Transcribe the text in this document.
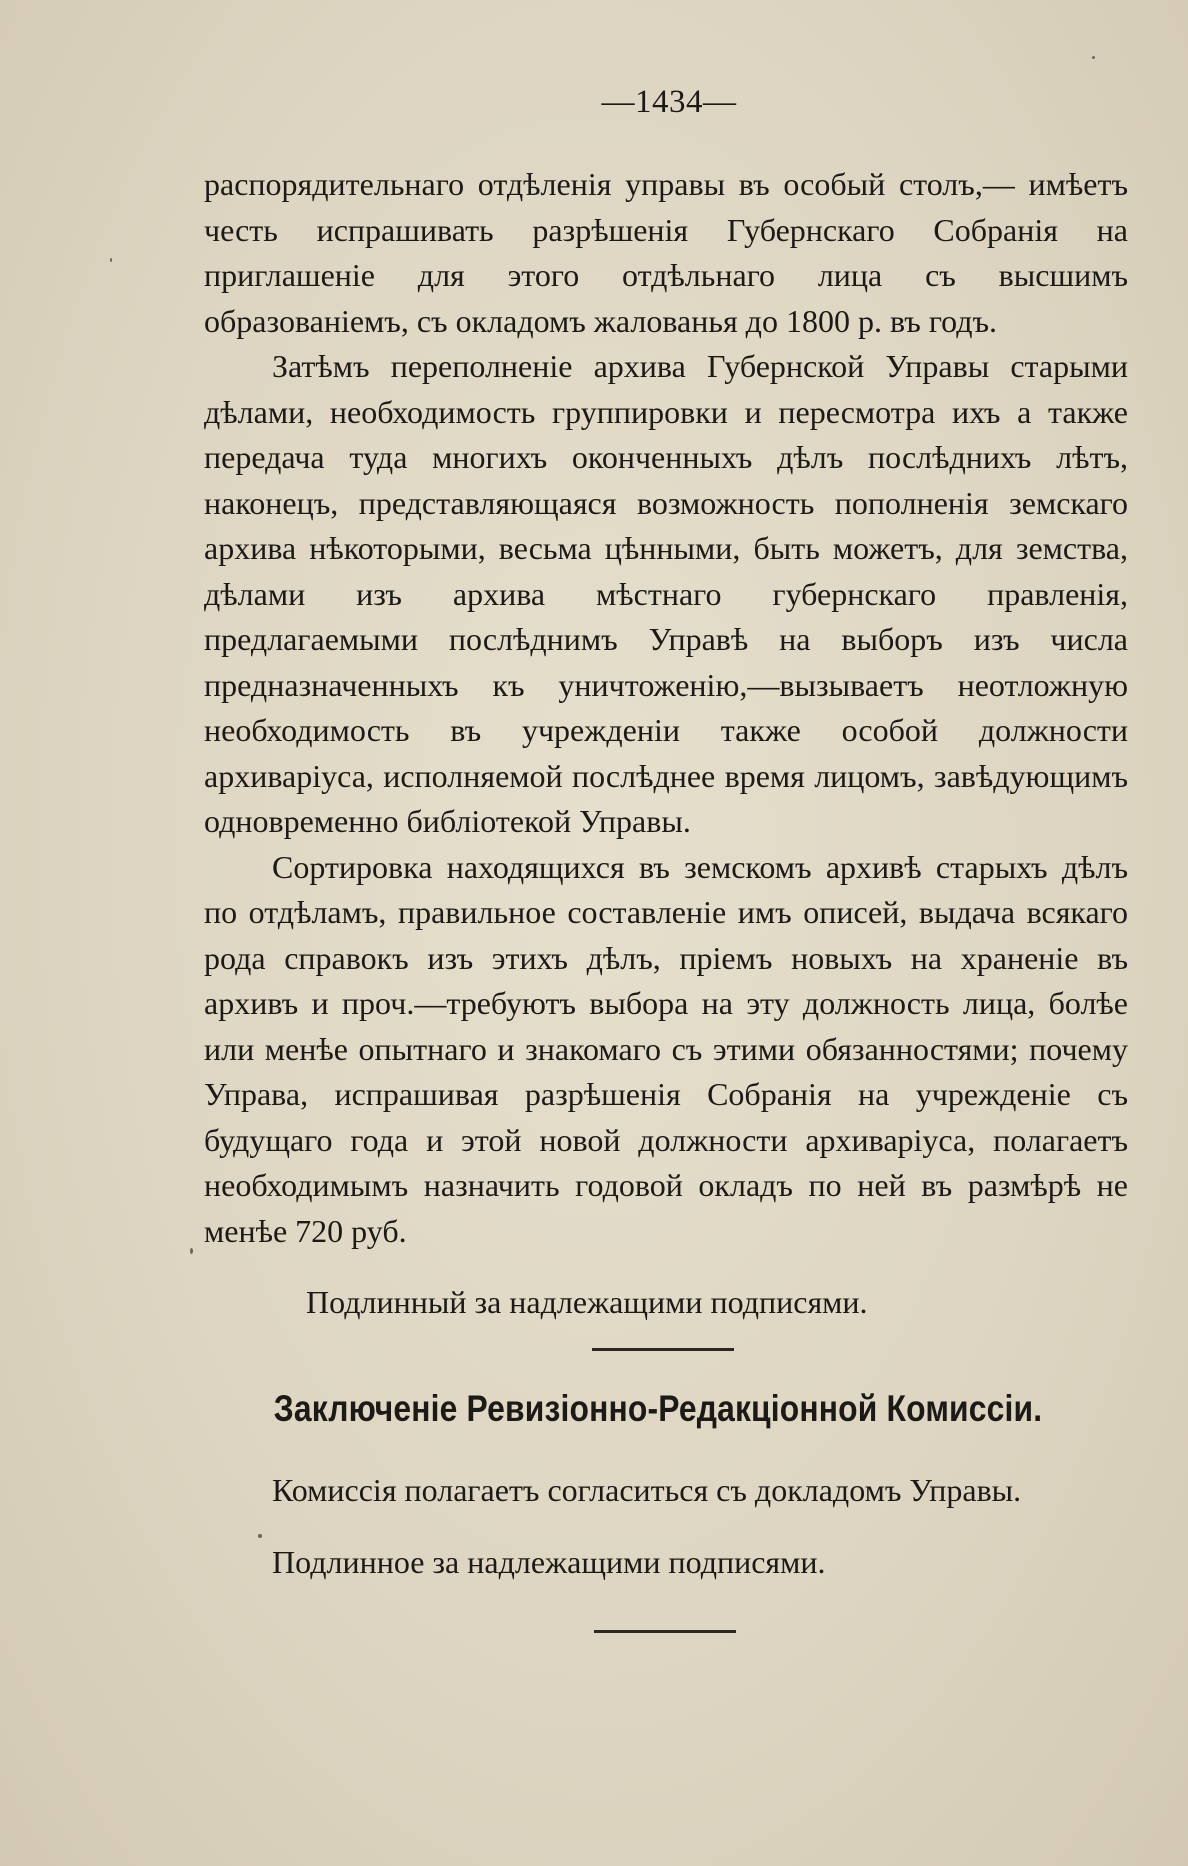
—1434—

распорядительнаго отдѣленія управы въ особый столъ,— имѣетъ честь испрашивать разрѣшенія Губернскаго Собранія на приглашеніе для этого отдѣльнаго лица съ высшимъ образованіемъ, съ окладомъ жалованья до 1800 р. въ годъ.

Затѣмъ переполненіе архива Губернской Управы старыми дѣлами, необходимость группировки и пересмотра ихъ а также передача туда многихъ оконченныхъ дѣлъ послѣднихъ лѣтъ, наконецъ, представляющаяся возможность пополненія земскаго архива нѣкоторыми, весьма цѣнными, быть можетъ, для земства, дѣлами изъ архива мѣстнаго губернскаго правленія, предлагаемыми послѣднимъ Управѣ на выборъ изъ числа предназначенныхъ къ уничтоженію,—вызываетъ неотложную необходимость въ учрежденіи также особой должности архиваріуса, исполняемой послѣднее время лицомъ, завѣдующимъ одновременно библіотекой Управы.

Сортировка находящихся въ земскомъ архивѣ старыхъ дѣлъ по отдѣламъ, правильное составленіе имъ описей, выдача всякаго рода справокъ изъ этихъ дѣлъ, пріемъ новыхъ на храненіе въ архивъ и проч.—требуютъ выбора на эту должность лица, болѣе или менѣе опытнаго и знакомаго съ этими обязанностями; почему Управа, испрашивая разрѣшенія Собранія на учрежденіе съ будущаго года и этой новой должности архиваріуса, полагаетъ необходимымъ назначить годовой окладъ по ней въ размѣрѣ не менѣе 720 руб.

Подлинный за надлежащими подписями.
Заключеніе Ревизіонно-Редакціонной Комиссіи.
Комиссія полагаетъ согласиться съ докладомъ Управы.
Подлинное за надлежащими подписями.
